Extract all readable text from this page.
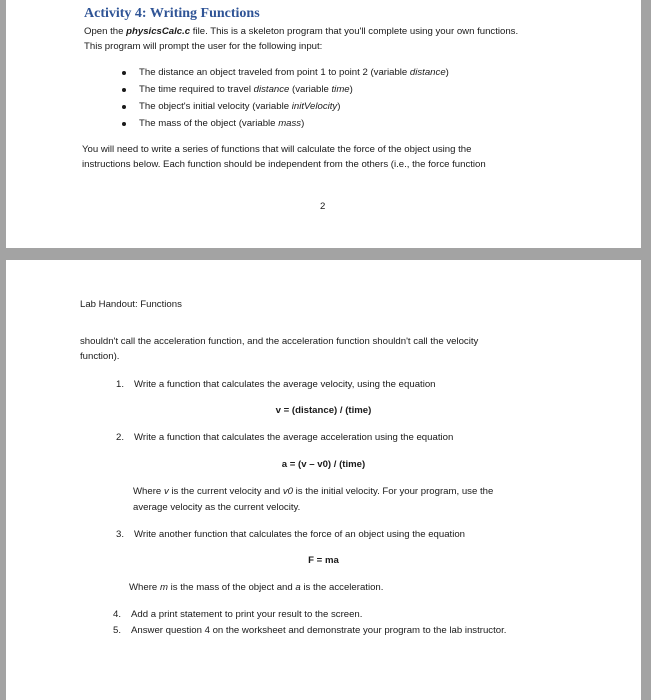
Activity 4: Writing Functions
Open the physicsCalc.c file. This is a skeleton program that you'll complete using your own functions.
This program will prompt the user for the following input:
The distance an object traveled from point 1 to point 2 (variable distance)
The time required to travel distance (variable time)
The object's initial velocity (variable initVelocity)
The mass of the object (variable mass)
You will need to write a series of functions that will calculate the force of the object using the
instructions below. Each function should be independent from the others (i.e., the force function
2
Lab Handout: Functions
shouldn't call the acceleration function, and the acceleration function shouldn't call the velocity
function).
1. Write a function that calculates the average velocity, using the equation
v = (distance) / (time)
2. Write a function that calculates the average acceleration using the equation
a = (v – v0) / (time)
Where v is the current velocity and v0 is the initial velocity. For your program, use the
average velocity as the current velocity.
3. Write another function that calculates the force of an object using the equation
F = ma
Where m is the mass of the object and a is the acceleration.
4. Add a print statement to print your result to the screen.
5. Answer question 4 on the worksheet and demonstrate your program to the lab instructor.
